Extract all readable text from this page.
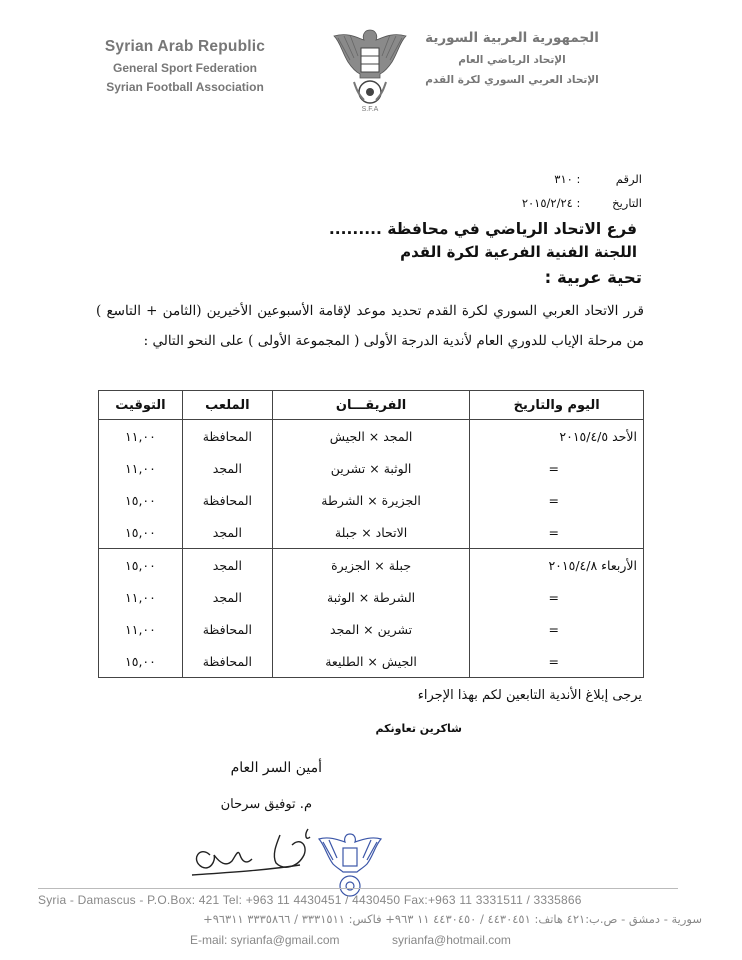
Syrian Arab Republic
General Sport Federation
Syrian Football Association
S.F.A
الجمهورية العربية السورية
الإتحاد الرياضي العام
الإتحاد العربي السوري لكرة القدم
الرقم : ٣١٠
التاريخ : ٢٠١٥/٢/٢٤
فرع الاتحاد الرياضي في محافظة .........
اللجنة الفنية الفرعية لكرة القدم
تحية عربية :
قرر الاتحاد العربي السوري لكرة القدم تحديد موعد لإقامة الأسبوعين الأخيرين (الثامن + التاسع ) من مرحلة الإياب للدوري العام لأندية الدرجة الأولى ( المجموعة الأولى ) على النحو التالي :
اليوم والتاريخ	الفريقـــان	الملعب	التوقيت
الأحد ٢٠١٥/٤/٥	المجد × الجيش	المحافظة	١١,٠٠
=	الوثبة × تشرين	المجد	١١,٠٠
=	الجزيرة × الشرطة	المحافظة	١٥,٠٠
=	الاتحاد × جبلة	المجد	١٥,٠٠
الأربعاء ٢٠١٥/٤/٨	جبلة × الجزيرة	المجد	١٥,٠٠
=	الشرطة × الوثبة	المجد	١١,٠٠
=	تشرين × المجد	المحافظة	١١,٠٠
=	الجيش × الطليعة	المحافظة	١٥,٠٠
يرجى إبلاغ الأندية التابعين لكم بهذا الإجراء
شاكرين تعاونكم
أمين السر العام
م. توفيق سرحان
Syria - Damascus - P.O.Box: 421 Tel: +963 11 4430451 / 4430450 Fax:+963 11 3331511 / 3335866
سورية - دمشق - ص.ب:٤٢١ هاتف: ٤٤٣٠٤٥١ / ٤٤٣٠٤٥٠ ١١ ٩٦٣+ فاكس: ٣٣٣١٥١١ / ٣٣٣٥٨٦٦ ٩٦٣١١+
E-mail: syrianfa@gmail.com	syrianfa@hotmail.com
